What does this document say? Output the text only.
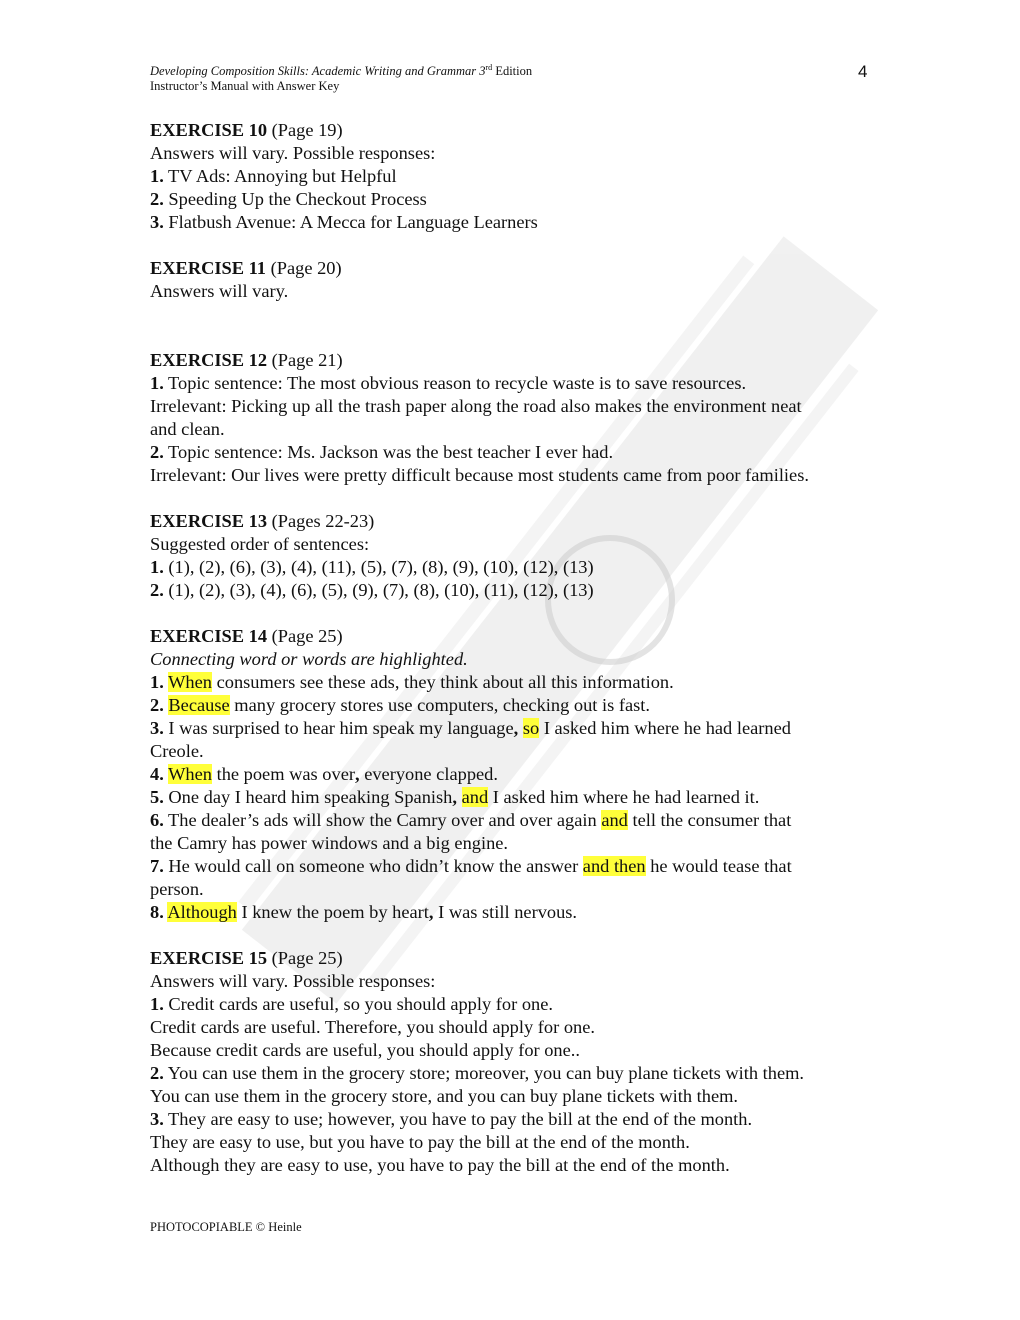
Developing Composition Skills: Academic Writing and Grammar 3rd Edition
Instructor’s Manual with Answer Key
4

EXERCISE 10 (Page 19)

Answers will vary. Possible responses:

1. TV Ads: Annoying but Helpful

2. Speeding Up the Checkout Process

3. Flatbush Avenue: A Mecca for Language Learners

EXERCISE 11 (Page 20)

Answers will vary.

EXERCISE 12 (Page 21)

1. Topic sentence: The most obvious reason to recycle waste is to save resources.

Irrelevant: Picking up all the trash paper along the road also makes the environment neat

and clean.

2. Topic sentence: Ms. Jackson was the best teacher I ever had.

Irrelevant: Our lives were pretty difficult because most students came from poor families.

EXERCISE 13 (Pages 22-23)

Suggested order of sentences:

1. (1), (2), (6), (3), (4), (11), (5), (7), (8), (9), (10), (12), (13)

2. (1), (2), (3), (4), (6), (5), (9), (7), (8), (10), (11), (12), (13)

EXERCISE 14 (Page 25)

Connecting word or words are highlighted.

1. When consumers see these ads, they think about all this information.

2. Because many grocery stores use computers, checking out is fast.

3. I was surprised to hear him speak my language, so I asked him where he had learned

Creole.

4. When the poem was over, everyone clapped.

5. One day I heard him speaking Spanish, and I asked him where he had learned it.

6. The dealer’s ads will show the Camry over and over again and tell the consumer that

the Camry has power windows and a big engine.

7. He would call on someone who didn’t know the answer and then he would tease that

person.

8. Although I knew the poem by heart, I was still nervous.

EXERCISE 15 (Page 25)

Answers will vary. Possible responses:

1. Credit cards are useful, so you should apply for one.

Credit cards are useful. Therefore, you should apply for one.

Because credit cards are useful, you should apply for one..

2. You can use them in the grocery store; moreover, you can buy plane tickets with them.

You can use them in the grocery store, and you can buy plane tickets with them.

3. They are easy to use; however, you have to pay the bill at the end of the month.

They are easy to use, but you have to pay the bill at the end of the month.

Although they are easy to use, you have to pay the bill at the end of the month.

PHOTOCOPIABLE © Heinle
